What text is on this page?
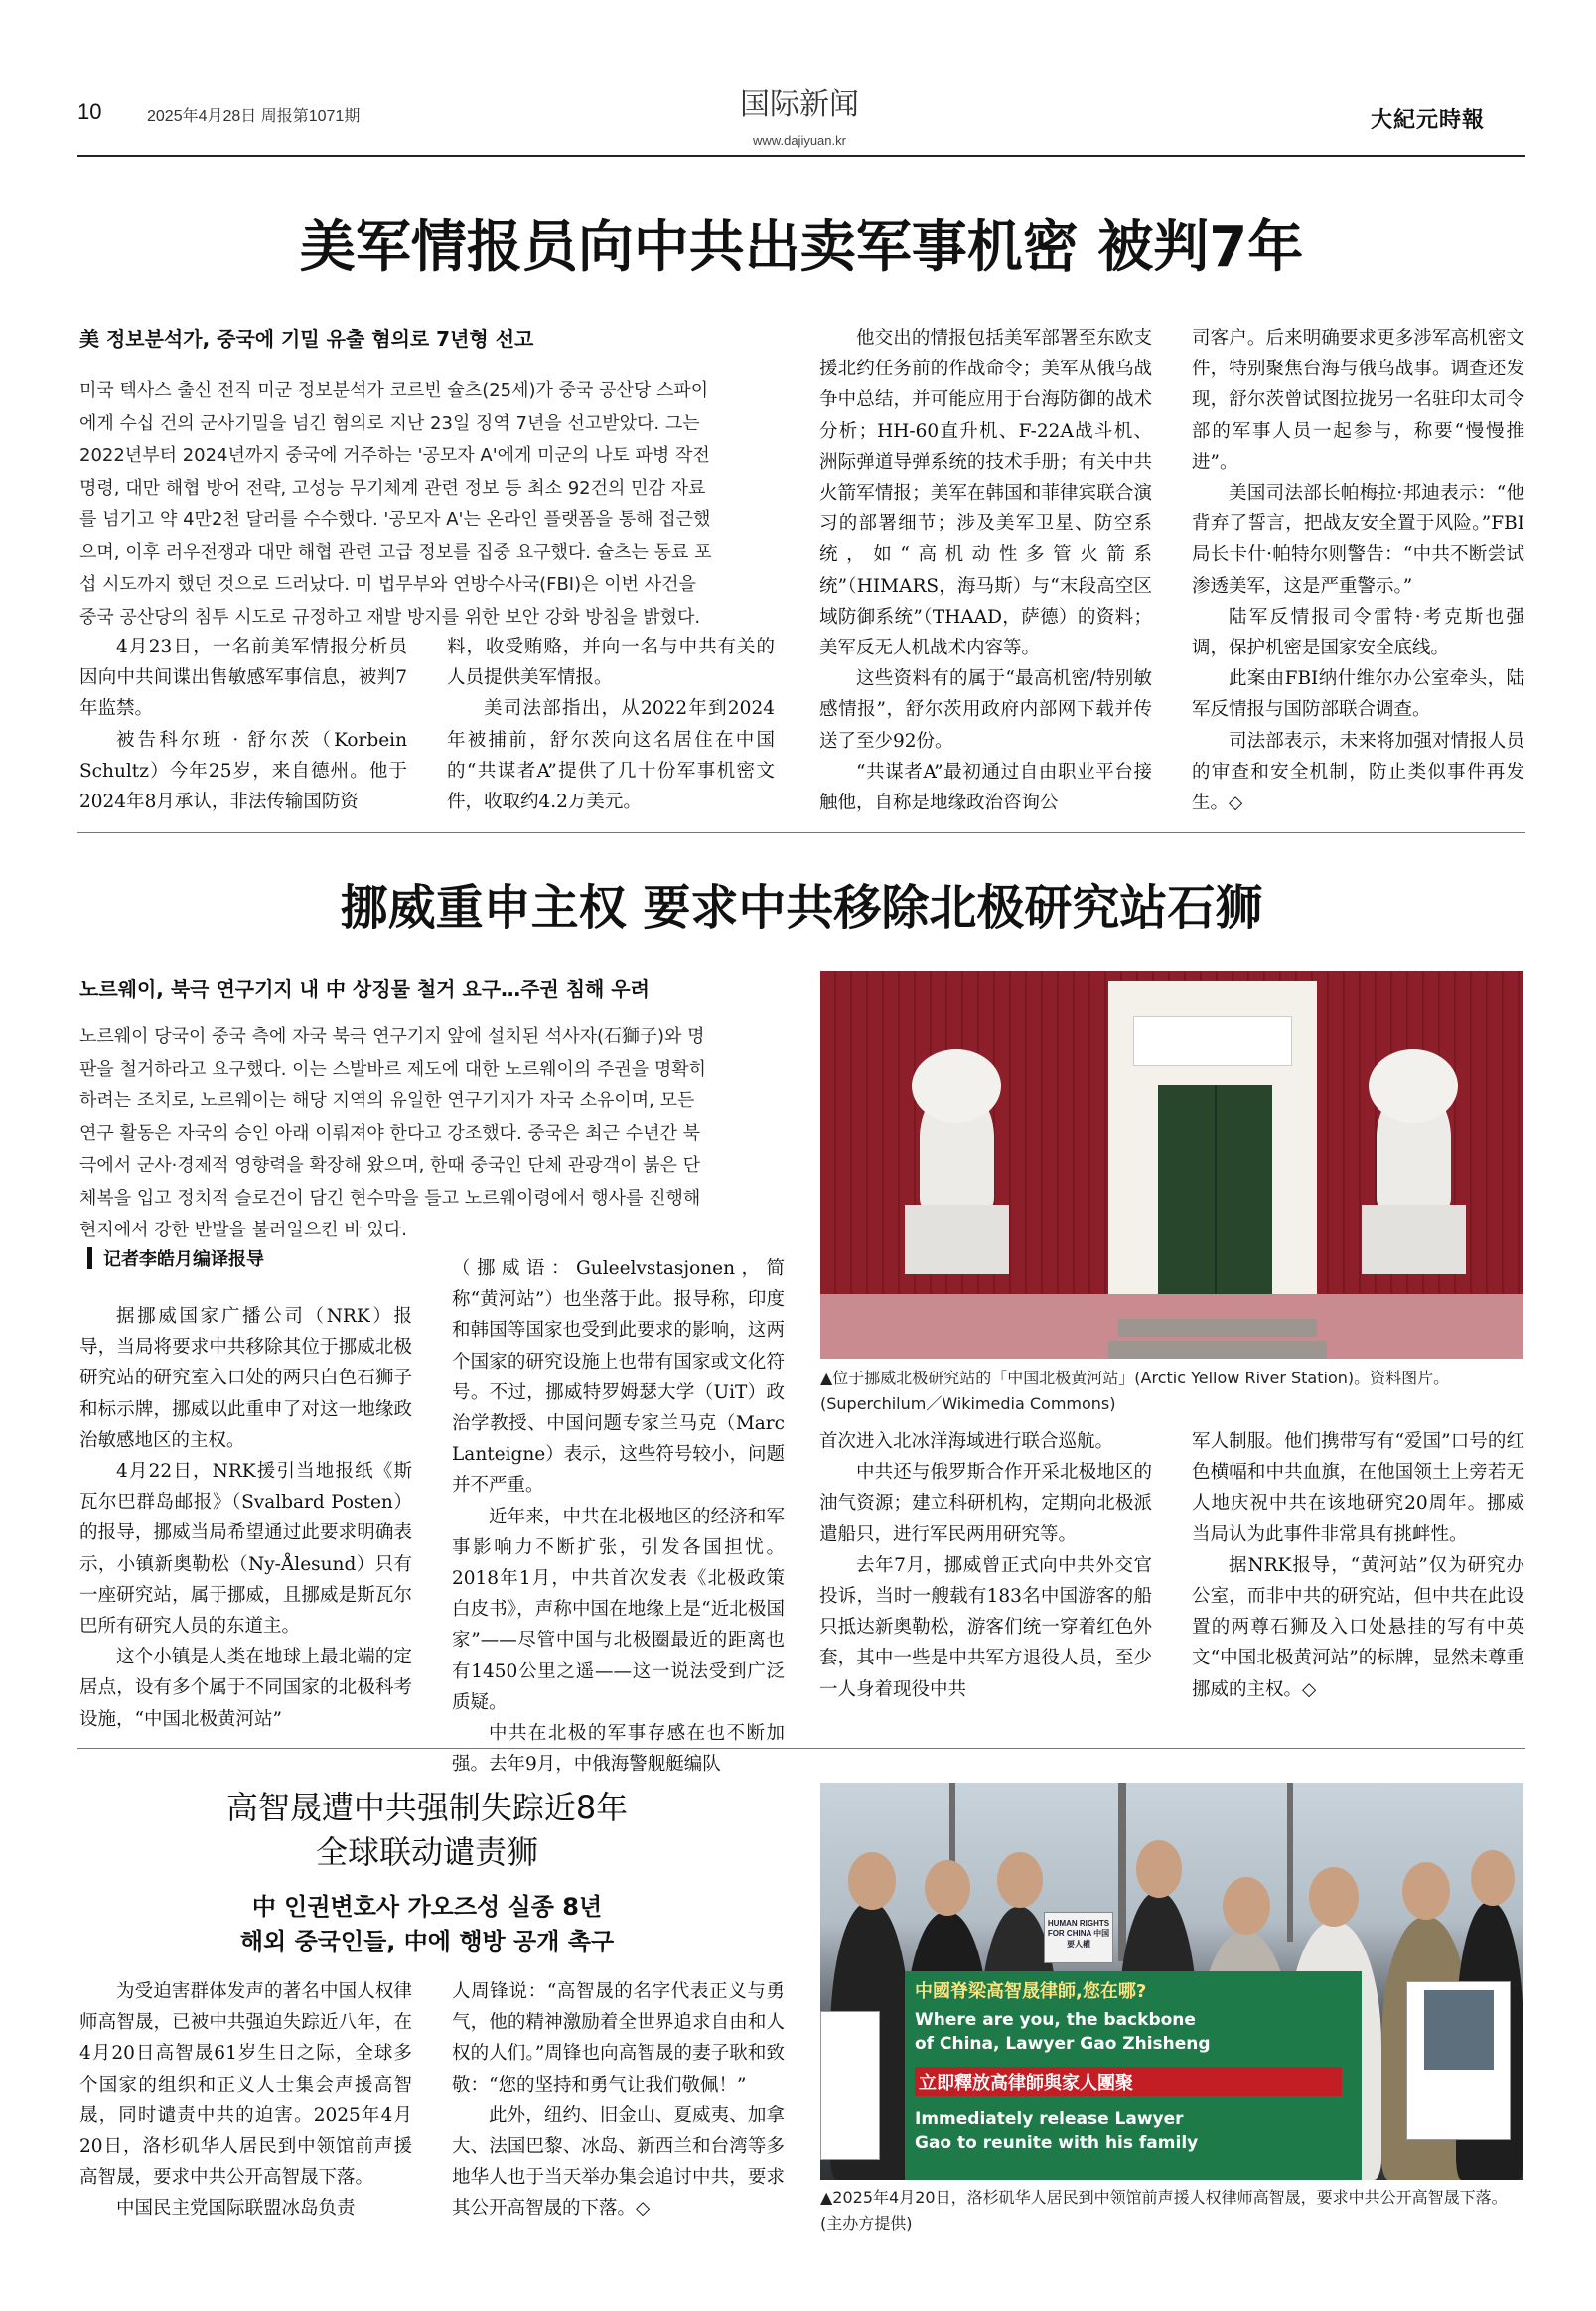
10	2025年4月28日 周报第1071期	国际新闻
www.dajiyuan.kr
大紀元時報
美军情报员向中共出卖军事机密 被判7年
美 정보분석가, 중국에 기밀 유출 혐의로 7년형 선고
미국 텍사스 출신 전직 미군 정보분석가 코르빈 슐츠(25세)가 중국 공산당 스파이
에게 수십 건의 군사기밀을 넘긴 혐의로 지난 23일 징역 7년을 선고받았다. 그는
2022년부터 2024년까지 중국에 거주하는 '공모자 A'에게 미군의 나토 파병 작전
명령, 대만 해협 방어 전략, 고성능 무기체계 관련 정보 등 최소 92건의 민감 자료
를 넘기고 약 4만2천 달러를 수수했다. '공모자 A'는 온라인 플랫폼을 통해 접근했
으며, 이후 러우전쟁과 대만 해협 관련 고급 정보를 집중 요구했다. 슐츠는 동료 포
섭 시도까지 했던 것으로 드러났다. 미 법무부와 연방수사국(FBI)은 이번 사건을
중국 공산당의 침투 시도로 규정하고 재발 방지를 위한 보안 강화 방침을 밝혔다.

4月23日，一名前美军情报分析员因向中共间谍出售敏感军事信息，被判7年监禁。

被告科尔班 · 舒尔茨（Korbein Schultz）今年25岁，来自德州。他于2024年8月承认，非法传输国防资

料，收受贿赂，并向一名与中共有关的人员提供美军情报。

美司法部指出，从2022年到2024年被捕前，舒尔茨向这名居住在中国的“共谋者A”提供了几十份军事机密文件，收取约4.2万美元。

他交出的情报包括美军部署至东欧支援北约任务前的作战命令；美军从俄乌战争中总结，并可能应用于台海防御的战术分析；HH-60直升机、F-22A战斗机、洲际弹道导弹系统的技术手册；有关中共火箭军情报；美军在韩国和菲律宾联合演习的部署细节；涉及美军卫星、防空系统，如“高机动性多管火箭系统”（HIMARS，海马斯）与“末段高空区域防御系统”（THAAD，萨德）的资料；美军反无人机战术内容等。

这些资料有的属于“最高机密/特别敏感情报”，舒尔茨用政府内部网下载并传送了至少92份。

“共谋者A”最初通过自由职业平台接触他，自称是地缘政治咨询公

司客户。后来明确要求更多涉军高机密文件，特别聚焦台海与俄乌战事。调查还发现，舒尔茨曾试图拉拢另一名驻印太司令部的军事人员一起参与，称要“慢慢推进”。

美国司法部长帕梅拉·邦迪表示：“他背弃了誓言，把战友安全置于风险。”FBI局长卡什·帕特尔则警告：“中共不断尝试渗透美军，这是严重警示。”

陆军反情报司令雷特·考克斯也强调，保护机密是国家安全底线。

此案由FBI纳什维尔办公室牵头，陆军反情报与国防部联合调查。

司法部表示，未来将加强对情报人员的审查和安全机制，防止类似事件再发生。◇

挪威重申主权 要求中共移除北极研究站石狮
노르웨이, 북극 연구기지 내 中 상징물 철거 요구…주권 침해 우려
노르웨이 당국이 중국 측에 자국 북극 연구기지 앞에 설치된 석사자(石獅子)와 명
판을 철거하라고 요구했다. 이는 스발바르 제도에 대한 노르웨이의 주권을 명확히
하려는 조치로, 노르웨이는 해당 지역의 유일한 연구기지가 자국 소유이며, 모든
연구 활동은 자국의 승인 아래 이뤄져야 한다고 강조했다. 중국은 최근 수년간 북
극에서 군사·경제적 영향력을 확장해 왔으며, 한때 중국인 단체 관광객이 붉은 단
체복을 입고 정치적 슬로건이 담긴 현수막을 들고 노르웨이령에서 행사를 진행해
현지에서 강한 반발을 불러일으킨 바 있다.
记者李皓月编译报导

据挪威国家广播公司（NRK）报导，当局将要求中共移除其位于挪威北极研究站的研究室入口处的两只白色石狮子和标示牌，挪威以此重申了对这一地缘政治敏感地区的主权。

4月22日，NRK援引当地报纸《斯瓦尔巴群岛邮报》（Svalbard Posten）的报导，挪威当局希望通过此要求明确表示，小镇新奥勒松（Ny-Ålesund）只有一座研究站，属于挪威，且挪威是斯瓦尔巴所有研究人员的东道主。

这个小镇是人类在地球上最北端的定居点，设有多个属于不同国家的北极科考设施，“中国北极黄河站”

（挪威语：Guleelvstasjonen，简称“黄河站”）也坐落于此。报导称，印度和韩国等国家也受到此要求的影响，这两个国家的研究设施上也带有国家或文化符号。不过，挪威特罗姆瑟大学（UiT）政治学教授、中国问题专家兰马克（Marc Lanteigne）表示，这些符号较小，问题并不严重。

近年来，中共在北极地区的经济和军事影响力不断扩张，引发各国担忧。2018年1月，中共首次发表《北极政策白皮书》，声称中国在地缘上是“近北极国家”——尽管中国与北极圈最近的距离也有1450公里之遥——这一说法受到广泛质疑。

中共在北极的军事存感在也不断加强。去年9月，中俄海警舰艇编队

▲位于挪威北极研究站的「中国北极黄河站」(Arctic Yellow River Station)。资料图片。(Superchilum／Wikimedia Commons)

首次进入北冰洋海域进行联合巡航。

中共还与俄罗斯合作开采北极地区的油气资源；建立科研机构，定期向北极派遣船只，进行军民两用研究等。

去年7月，挪威曾正式向中共外交官投诉，当时一艘载有183名中国游客的船只抵达新奥勒松，游客们统一穿着红色外套，其中一些是中共军方退役人员，至少一人身着现役中共

军人制服。他们携带写有“爱国”口号的红色横幅和中共血旗，在他国领土上旁若无人地庆祝中共在该地研究20周年。挪威当局认为此事件非常具有挑衅性。

据NRK报导，“黄河站”仅为研究办公室，而非中共的研究站，但中共在此设置的两尊石狮及入口处悬挂的写有中英文“中国北极黄河站”的标牌，显然未尊重挪威的主权。◇

高智晟遭中共强制失踪近8年
全球联动谴责狮
中 인권변호사 가오즈성 실종 8년
해외 중국인들, 中에 행방 공개 촉구

为受迫害群体发声的著名中国人权律师高智晟，已被中共强迫失踪近八年，在4月20日高智晟61岁生日之际，全球多个国家的组织和正义人士集会声援高智晟，同时谴责中共的迫害。2025年4月20日，洛杉矶华人居民到中领馆前声援高智晟，要求中共公开高智晟下落。

中国民主党国际联盟冰岛负责

人周锋说：“高智晟的名字代表正义与勇气，他的精神激励着全世界追求自由和人权的人们。”周锋也向高智晟的妻子耿和致敬：“您的坚持和勇气让我们敬佩！”

此外，纽约、旧金山、夏威夷、加拿大、法国巴黎、冰岛、新西兰和台湾等多地华人也于当天举办集会追讨中共，要求其公开高智晟的下落。◇

HUMAN RIGHTS FOR CHINA 中国要人權
中國脊梁高智晟律師,您在哪?
Where are you, the backbone
of China, Lawyer Gao Zhisheng
立即釋放高律師與家人團聚
Immediately release Lawyer
Gao to reunite with his family
▲2025年4月20日，洛杉矶华人居民到中领馆前声援人权律师高智晟，要求中共公开高智晟下落。(主办方提供)
